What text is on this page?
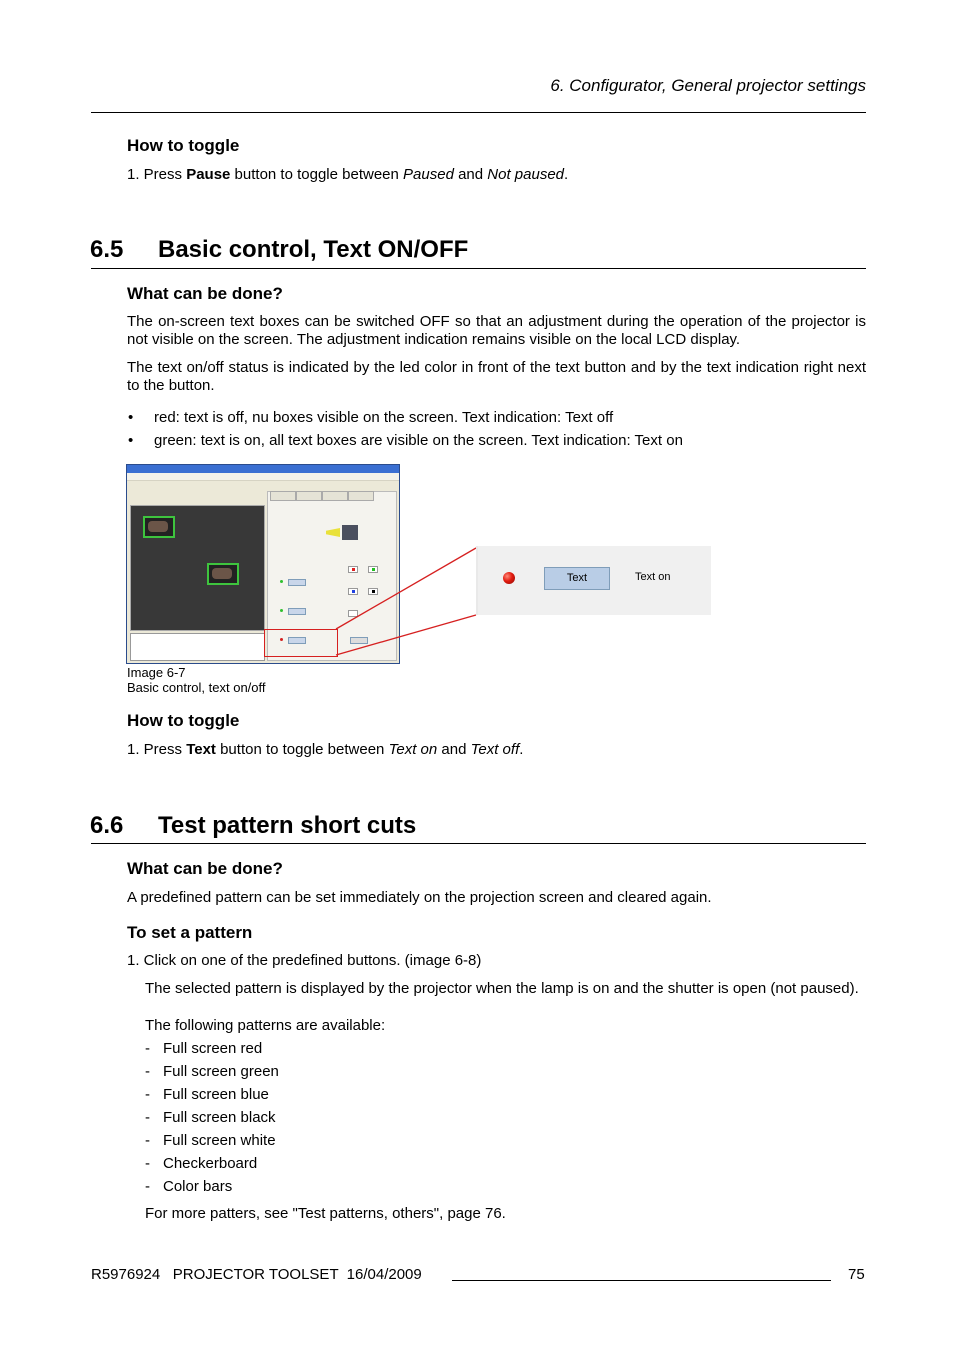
6. Configurator, General projector settings
How to toggle
1. Press Pause button to toggle between Paused and Not paused.
6.5 Basic control, Text ON/OFF
What can be done?
The on-screen text boxes can be switched OFF so that an adjustment during the operation of the projector is not visible on the screen. The adjustment indication remains visible on the local LCD display.
The text on/off status is indicated by the led color in front of the text button and by the text indication right next to the button.
• red: text is off, nu boxes visible on the screen. Text indication: Text off
• green: text is on, all text boxes are visible on the screen. Text indication: Text on
Text	Text on
Image 6-7
Basic control, text on/off
How to toggle
1. Press Text button to toggle between Text on and Text off.
6.6 Test pattern short cuts
What can be done?
A predefined pattern can be set immediately on the projection screen and cleared again.
To set a pattern
1. Click on one of the predefined buttons. (image 6-8)
The selected pattern is displayed by the projector when the lamp is on and the shutter is open (not paused).
The following patterns are available:
- Full screen red
- Full screen green
- Full screen blue
- Full screen black
- Full screen white
- Checkerboard
- Color bars
For more patters, see "Test patterns, others", page 76.
R5976924   PROJECTOR TOOLSET  16/04/2009	75
